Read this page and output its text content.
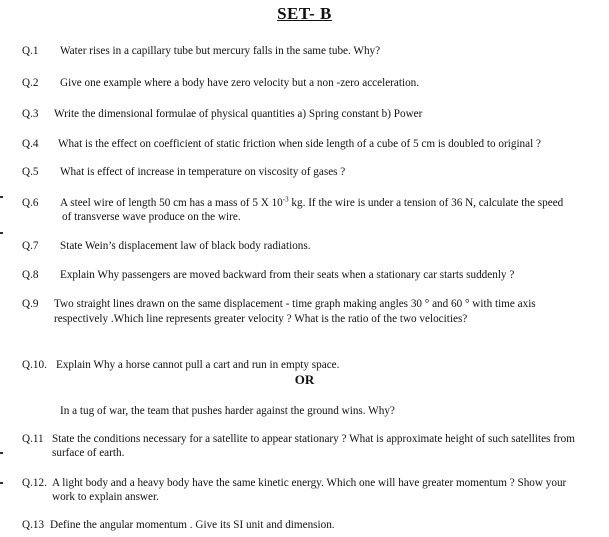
SET- B
Q.1 Water rises in a capillary tube but mercury falls in the same tube. Why?
Q.2 Give one example where a body have zero velocity but a non -zero acceleration.
Q.3 Write the dimensional formulae of physical quantities a) Spring constant b) Power
Q.4 What is the effect on coefficient of static friction when side length of a cube of 5 cm is doubled to original ?
Q.5 What is effect of increase in temperature on viscosity of gases ?
Q.6 A steel wire of length 50 cm has a mass of 5 X $10^{-3}$ kg. If the wire is under a tension of 36 N, calculate the speed
of transverse wave produce on the wire.
Q.7 State Wein’s displacement law of black body radiations.
Q.8 Explain Why passengers are moved backward from their seats when a stationary car starts suddenly ?
Q.9 Two straight lines drawn on the same displacement - time graph making angles 30 ° and 60 ° with time axis
respectively .Which line represents greater velocity ? What is the ratio of the two velocities?
Q.10. Explain Why a horse cannot pull a cart and run in empty space.
OR
In a tug of war, the team that pushes harder against the ground wins. Why?
Q.11 State the conditions necessary for a satellite to appear stationary ? What is approximate height of such satellites from
surface of earth.
Q.12. A light body and a heavy body have the same kinetic energy. Which one will have greater momentum ? Show your
work to explain answer.
Q.13 Define the angular momentum . Give its SI unit and dimension.
